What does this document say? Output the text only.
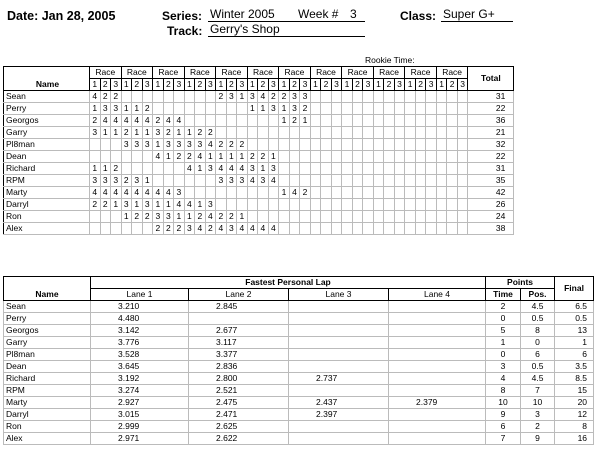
Date: Jan 28, 2005	Series: Winter 2005 Week # 3	Class: Super G+
Track: Gerry's Shop
Rookie Time:
Name	Race			Race			Race			Race			Race			Race			Race			Race			Race			Race			Race			Race			Total
	1	2	3	1	2	3	1	2	3	1	2	3	1	2	3	1	2	3	1	2	3	1	2	3	1	2	3	1	2	3	1	2	3	1	2	3	
Sean	4	2	2										2	3	1	3	4	2	2	3	3																31
Perry	1	3	3	1	1	2										1	1	3	1	3	2																22
Georgos	2	4	4	4	4	4	2	4	4										1	2	1																36
Garry	3	1	1	2	1	1	3	2	1	1	2	2																									21
Pl8man				3	3	3	1	3	3	3	3	4	2	2	2																						32
Dean							4	1	2	2	4	1	1	1	1	2	2	1																			22
Richard	1	1	2							4	1	3	4	4	4	3	1	3																			31
RPM	3	3	3	2	3	1							3	3	3	4	3	4																			35
Marty	4	4	4	4	4	4	4	4	3										1	4	2																42
Darryl	2	2	1	3	1	3	1	1	4	4	1	3																									26
Ron				1	2	2	3	3	1	1	2	4	2	2	1																						24
Alex							2	2	2	3	4	2	4	3	4	4	4	4																			38
Name	Fastest Personal Lap				Points		Final
	Lane 1	Lane 2	Lane 3	Lane 4	Time	Pos.	
Sean	3.210	2.845			2	4.5	6.5
Perry	4.480				0	0.5	0.5
Georgos	3.142	2.677			5	8	13
Garry	3.776	3.117			1	0	1
Pl8man	3.528	3.377			0	6	6
Dean	3.645	2.836			3	0.5	3.5
Richard	3.192	2.800	2.737		4	4.5	8.5
RPM	3.274	2.521			8	7	15
Marty	2.927	2.475	2.437	2.379	10	10	20
Darryl	3.015	2.471	2.397		9	3	12
Ron	2.999	2.625			6	2	8
Alex	2.971	2.622			7	9	16
